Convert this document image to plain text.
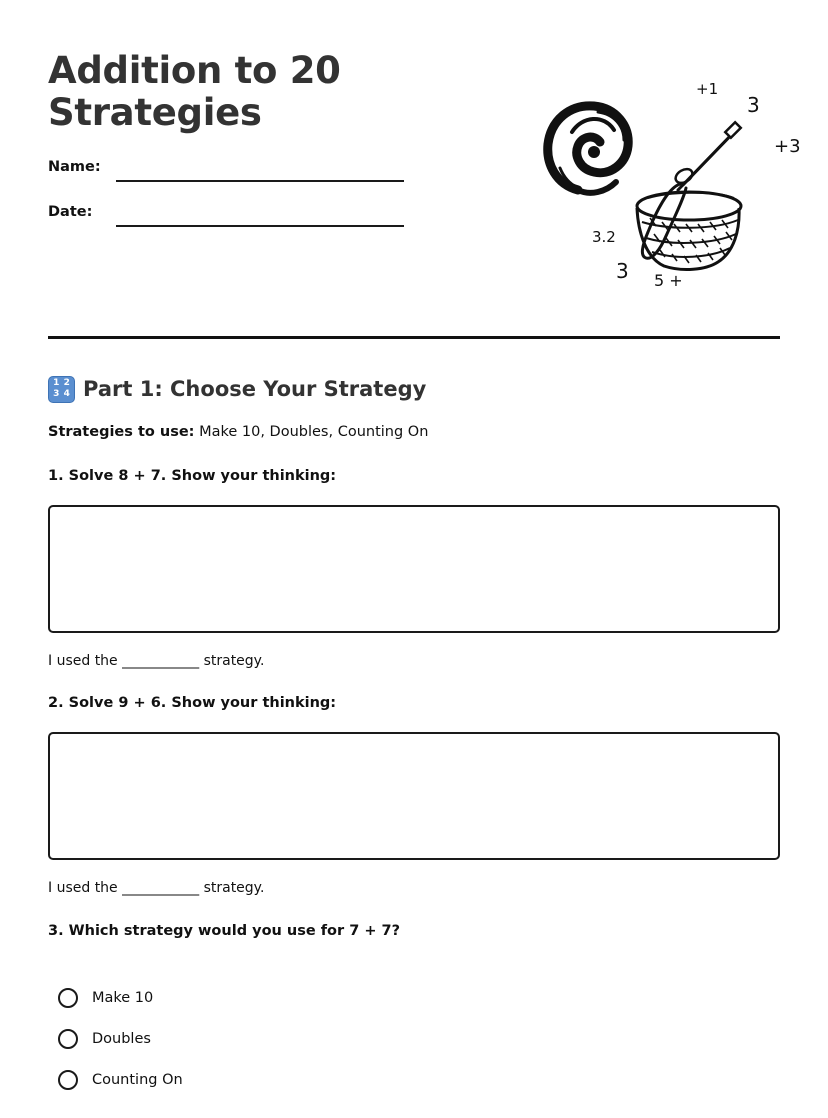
Addition to 20
Strategies
Name:
Date:
+1
3
+3
3.2
3 5 +
1 2
3 4 Part 1: Choose Your Strategy
Strategies to use: Make 10, Doubles, Counting On
1. Solve 8 + 7. Show your thinking:
I used the ___________ strategy.
2. Solve 9 + 6. Show your thinking:
I used the ___________ strategy.
3. Which strategy would you use for 7 + 7?
Make 10
Doubles
Counting On
